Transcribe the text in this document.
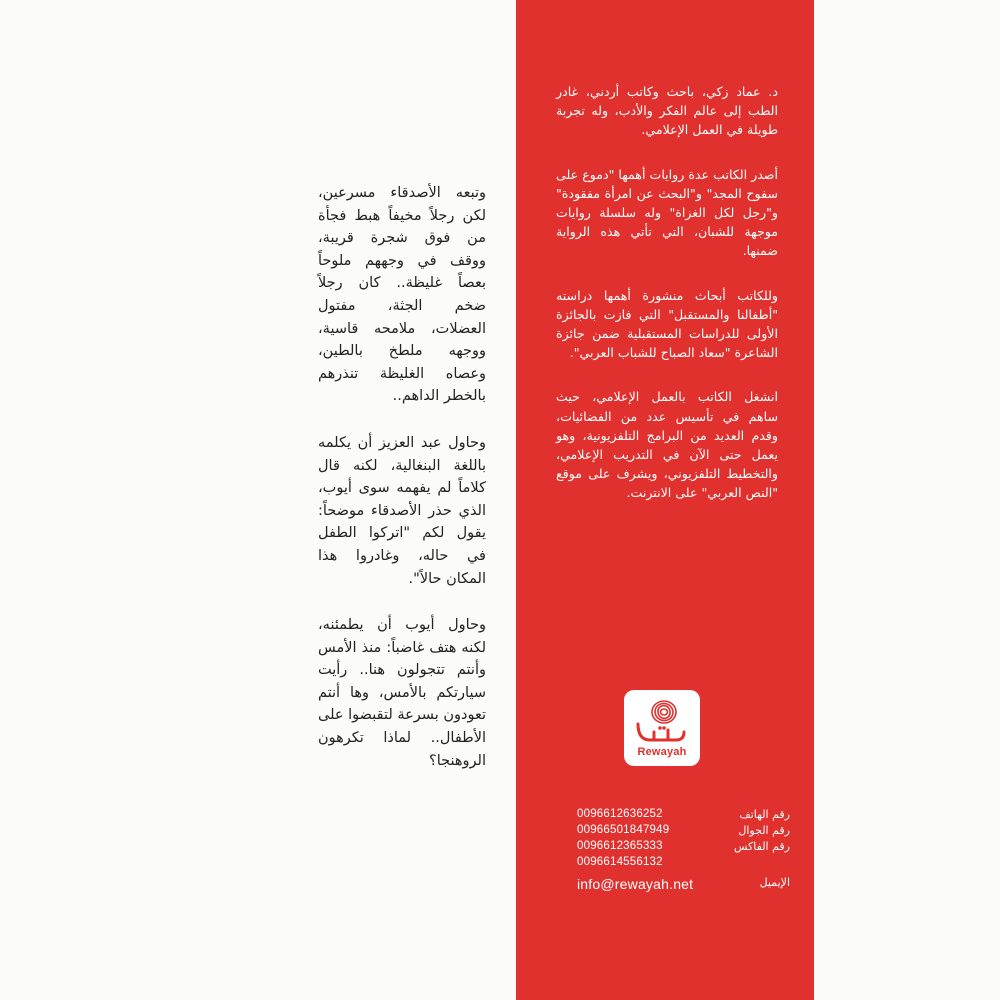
وتبعه الأصدقاء مسرعين، لكن رجلاً مخيفاً هبط فجأة من فوق شجرة قريبة، ووقف في وجههم ملوحاً بعصاً غليظة.. كان رجلاً ضخم الجثة، مفتول العضلات، ملامحه قاسية، ووجهه ملطخ بالطين، وعصاه الغليظة تنذرهم بالخطر الداهم..

وحاول عبد العزيز أن يكلمه باللغة البنغالية، لكنه قال كلاماً لم يفهمه سوى أيوب، الذي حذر الأصدقاء موضحاً: يقول لكم "اتركوا الطفل في حاله، وغادروا هذا المكان حالاً".

وحاول أيوب أن يطمئنه، لكنه هتف غاضباً: منذ الأمس وأنتم تتجولون هنا.. رأيت سيارتكم بالأمس، وها أنتم تعودون بسرعة لتقبضوا على الأطفال.. لماذا تكرهون الروهنجا؟

د. عماد زكي، باحث وكاتب أردني، غادر الطب إلى عالم الفكر والأدب، وله تجربة طويلة في العمل الإعلامي.

أصدر الكاتب عدة روايات أهمها "دموع على سفوح المجد" و"البحث عن امرأة مفقودة" و"رجل لكل الغزاة" وله سلسلة روايات موجهة للشبان، التي تأتي هذه الرواية ضمنها.

وللكاتب أبحاث منشورة أهمها دراسته "أطفالنا والمستقبل" التي فازت بالجائزة الأولى للدراسات المستقبلية ضمن جائزة الشاعرة "سعاد الصباح للشباب العربي".

انشغل الكاتب بالعمل الإعلامي، حيث ساهم في تأسيس عدد من الفضائيات، وقدم العديد من البرامج التلفزيونية، وهو يعمل حتى الآن في التدريب الإعلامي، والتخطيط التلفزيوني، ويشرف على موقع "النص العربي" على الانترنت.

Rewayah
0096612636252	رقم الهاتف
00966501847949	رقم الجوال
0096612365333	رقم الفاكس
0096614556132
info@rewayah.net	الإيميل
